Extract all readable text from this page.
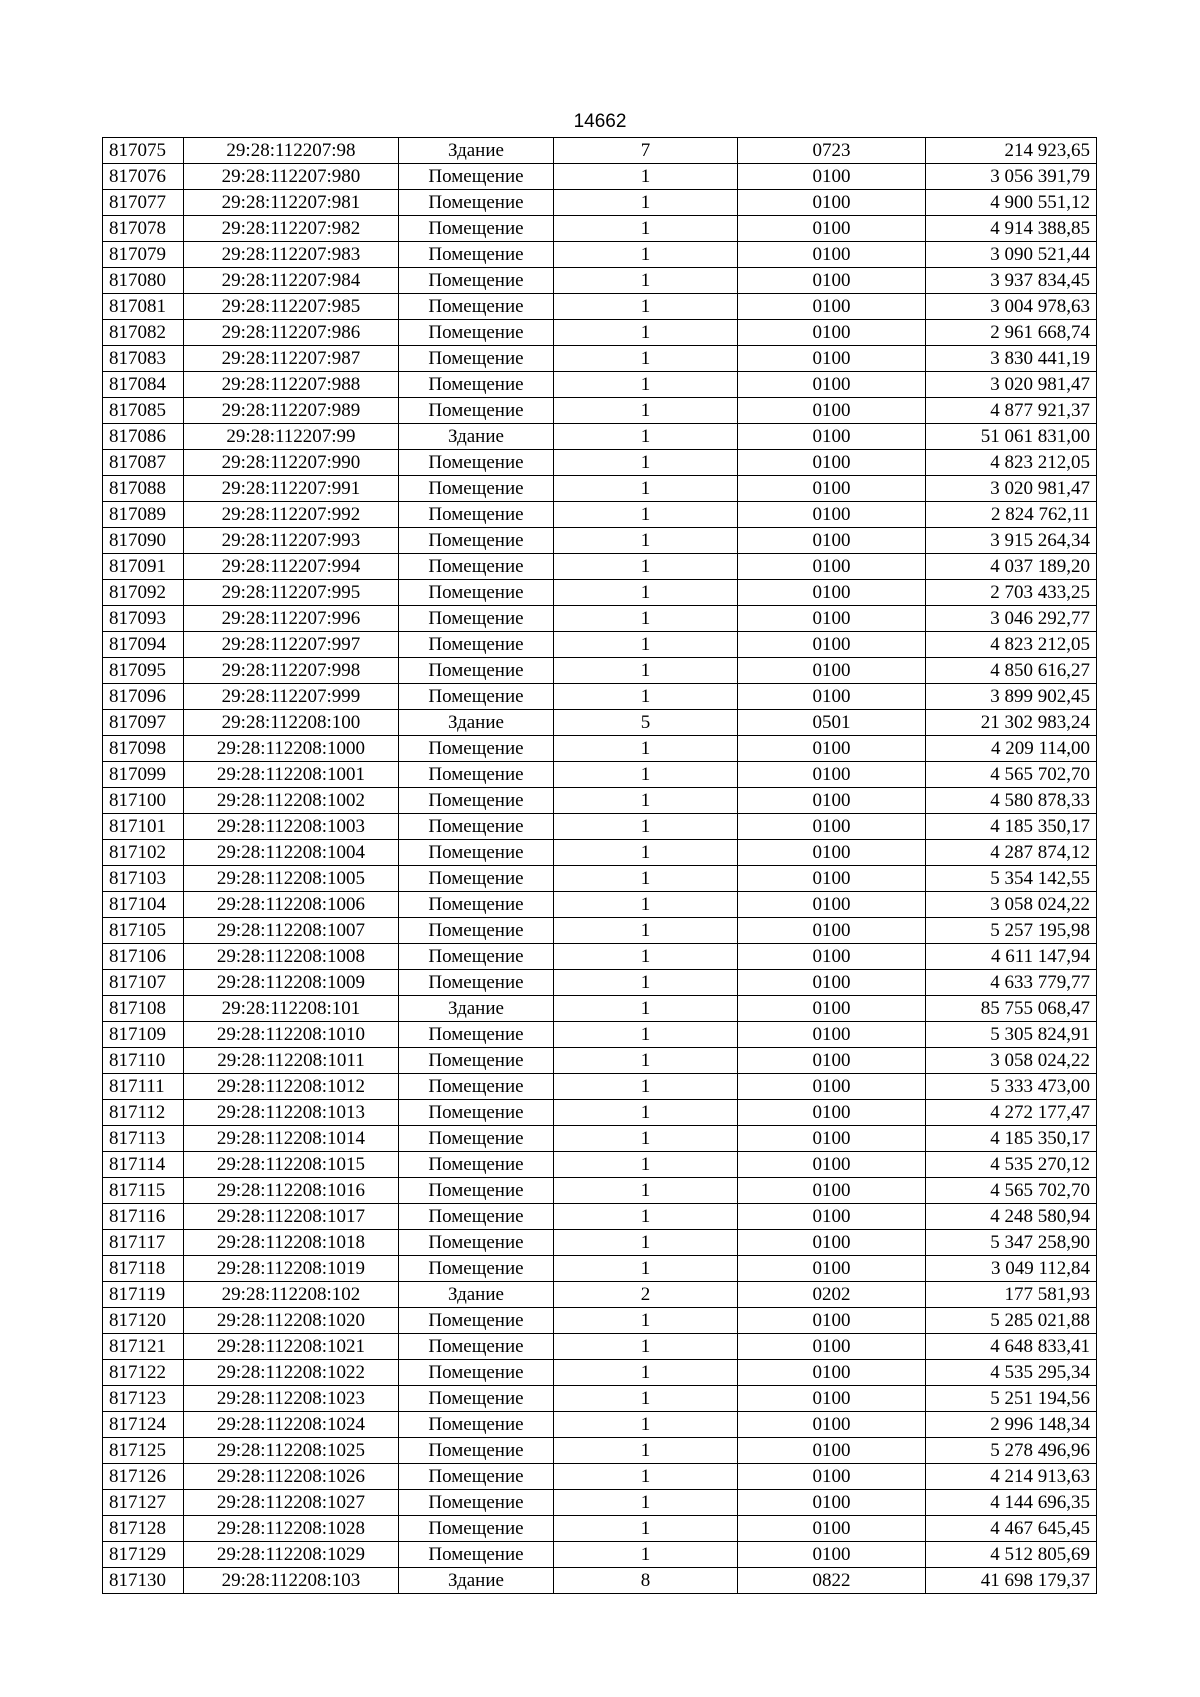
14662
817075	29:28:112207:98	Здание	7	0723	214 923,65
817076	29:28:112207:980	Помещение	1	0100	3 056 391,79
817077	29:28:112207:981	Помещение	1	0100	4 900 551,12
817078	29:28:112207:982	Помещение	1	0100	4 914 388,85
817079	29:28:112207:983	Помещение	1	0100	3 090 521,44
817080	29:28:112207:984	Помещение	1	0100	3 937 834,45
817081	29:28:112207:985	Помещение	1	0100	3 004 978,63
817082	29:28:112207:986	Помещение	1	0100	2 961 668,74
817083	29:28:112207:987	Помещение	1	0100	3 830 441,19
817084	29:28:112207:988	Помещение	1	0100	3 020 981,47
817085	29:28:112207:989	Помещение	1	0100	4 877 921,37
817086	29:28:112207:99	Здание	1	0100	51 061 831,00
817087	29:28:112207:990	Помещение	1	0100	4 823 212,05
817088	29:28:112207:991	Помещение	1	0100	3 020 981,47
817089	29:28:112207:992	Помещение	1	0100	2 824 762,11
817090	29:28:112207:993	Помещение	1	0100	3 915 264,34
817091	29:28:112207:994	Помещение	1	0100	4 037 189,20
817092	29:28:112207:995	Помещение	1	0100	2 703 433,25
817093	29:28:112207:996	Помещение	1	0100	3 046 292,77
817094	29:28:112207:997	Помещение	1	0100	4 823 212,05
817095	29:28:112207:998	Помещение	1	0100	4 850 616,27
817096	29:28:112207:999	Помещение	1	0100	3 899 902,45
817097	29:28:112208:100	Здание	5	0501	21 302 983,24
817098	29:28:112208:1000	Помещение	1	0100	4 209 114,00
817099	29:28:112208:1001	Помещение	1	0100	4 565 702,70
817100	29:28:112208:1002	Помещение	1	0100	4 580 878,33
817101	29:28:112208:1003	Помещение	1	0100	4 185 350,17
817102	29:28:112208:1004	Помещение	1	0100	4 287 874,12
817103	29:28:112208:1005	Помещение	1	0100	5 354 142,55
817104	29:28:112208:1006	Помещение	1	0100	3 058 024,22
817105	29:28:112208:1007	Помещение	1	0100	5 257 195,98
817106	29:28:112208:1008	Помещение	1	0100	4 611 147,94
817107	29:28:112208:1009	Помещение	1	0100	4 633 779,77
817108	29:28:112208:101	Здание	1	0100	85 755 068,47
817109	29:28:112208:1010	Помещение	1	0100	5 305 824,91
817110	29:28:112208:1011	Помещение	1	0100	3 058 024,22
817111	29:28:112208:1012	Помещение	1	0100	5 333 473,00
817112	29:28:112208:1013	Помещение	1	0100	4 272 177,47
817113	29:28:112208:1014	Помещение	1	0100	4 185 350,17
817114	29:28:112208:1015	Помещение	1	0100	4 535 270,12
817115	29:28:112208:1016	Помещение	1	0100	4 565 702,70
817116	29:28:112208:1017	Помещение	1	0100	4 248 580,94
817117	29:28:112208:1018	Помещение	1	0100	5 347 258,90
817118	29:28:112208:1019	Помещение	1	0100	3 049 112,84
817119	29:28:112208:102	Здание	2	0202	177 581,93
817120	29:28:112208:1020	Помещение	1	0100	5 285 021,88
817121	29:28:112208:1021	Помещение	1	0100	4 648 833,41
817122	29:28:112208:1022	Помещение	1	0100	4 535 295,34
817123	29:28:112208:1023	Помещение	1	0100	5 251 194,56
817124	29:28:112208:1024	Помещение	1	0100	2 996 148,34
817125	29:28:112208:1025	Помещение	1	0100	5 278 496,96
817126	29:28:112208:1026	Помещение	1	0100	4 214 913,63
817127	29:28:112208:1027	Помещение	1	0100	4 144 696,35
817128	29:28:112208:1028	Помещение	1	0100	4 467 645,45
817129	29:28:112208:1029	Помещение	1	0100	4 512 805,69
817130	29:28:112208:103	Здание	8	0822	41 698 179,37
